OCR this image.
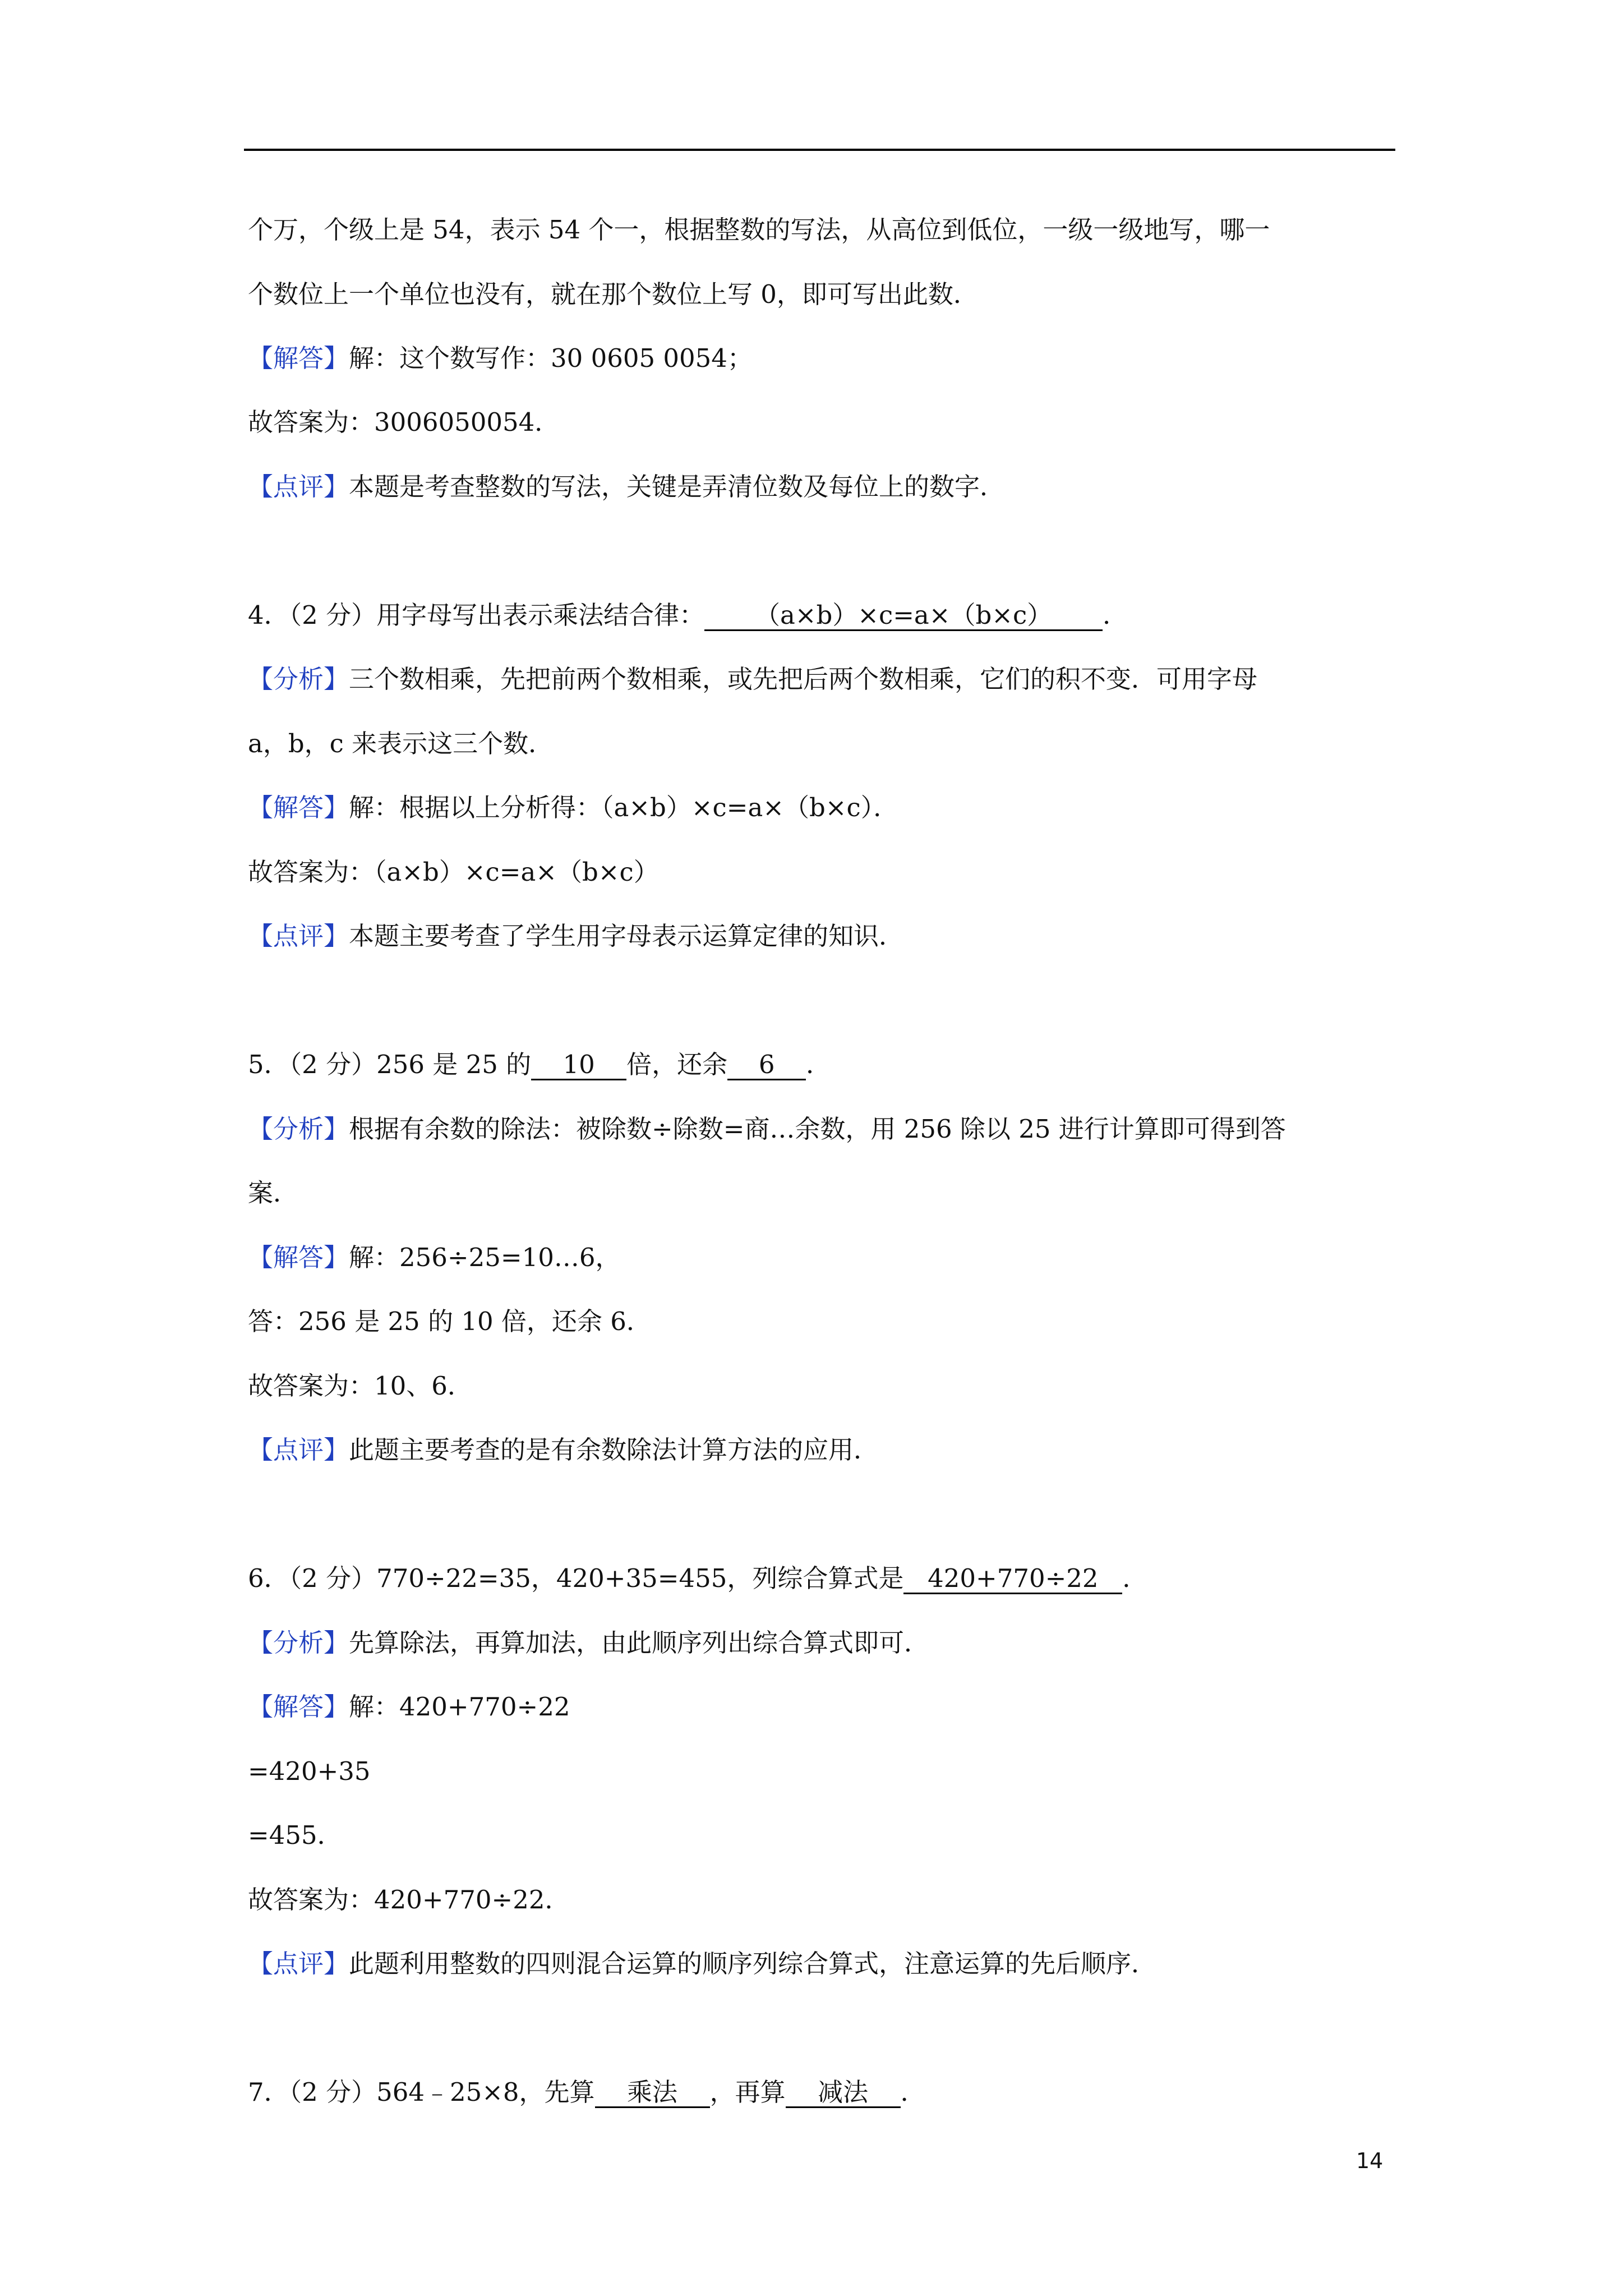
个万，个级上是 54，表示 54 个一，根据整数的写法，从高位到低位，一级一级地写，哪一
个数位上一个单位也没有，就在那个数位上写 0，即可写出此数．
【解答】解：这个数写作：30 0605 0054；
故答案为：3006050054．
【点评】本题是考查整数的写法，关键是弄清位数及每位上的数字．
4．（2 分）用字母写出表示乘法结合律： （a×b）×c=a×（b×c） ．
【分析】三个数相乘，先把前两个数相乘，或先把后两个数相乘，它们的积不变．可用字母
a，b，c 来表示这三个数．
【解答】解：根据以上分析得：（a×b）×c=a×（b×c）．
故答案为：（a×b）×c=a×（b×c）
【点评】本题主要考查了学生用字母表示运算定律的知识．
5．（2 分）256 是 25 的 10 倍，还余 6 ．
【分析】根据有余数的除法：被除数÷除数=商…余数，用 256 除以 25 进行计算即可得到答
案．
【解答】解：256÷25=10…6，
答：256 是 25 的 10 倍，还余 6．
故答案为：10、6．
【点评】此题主要考查的是有余数除法计算方法的应用．
6．（2 分）770÷22=35，420+35=455，列综合算式是 420+770÷22 ．
【分析】先算除法，再算加法，由此顺序列出综合算式即可．
【解答】解：420+770÷22
=420+35
=455．
故答案为：420+770÷22．
【点评】此题利用整数的四则混合运算的顺序列综合算式，注意运算的先后顺序．
7．（2 分）564﹣25×8，先算 乘法 ，再算 减法 ．
14
